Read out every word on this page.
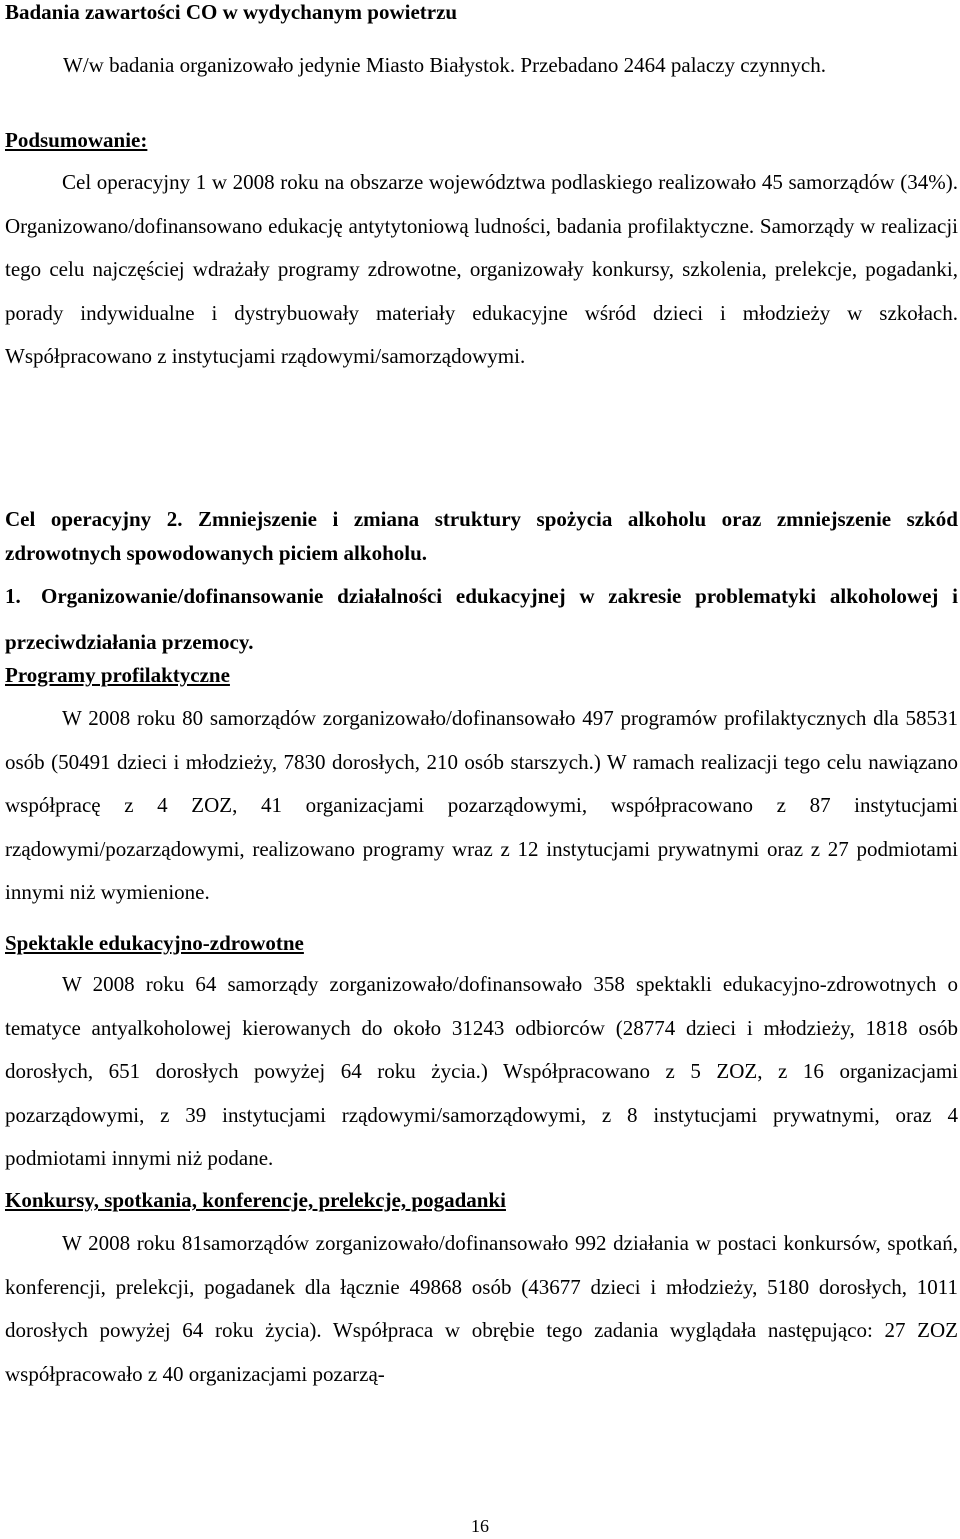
Badania zawartości CO w wydychanym powietrzu

W/w badania organizowało jedynie Miasto Białystok. Przebadano 2464 palaczy czynnych.

Podsumowanie:

Cel operacyjny 1 w 2008 roku na obszarze województwa podlaskiego realizowało 45 samorządów (34%). Organizowano/dofinansowano edukację antytytoniową ludności, badania profilaktyczne. Samorządy w realizacji tego celu najczęściej wdrażały programy zdrowotne, organizowały konkursy, szkolenia, prelekcje, pogadanki, porady indywidualne i dystrybuowały materiały edukacyjne wśród dzieci i młodzieży w szkołach. Współpracowano z instytucjami rządowymi/samorządowymi.

Cel operacyjny 2. Zmniejszenie i zmiana struktury spożycia alkoholu oraz zmniejszenie szkód zdrowotnych spowodowanych piciem alkoholu.

1. Organizowanie/dofinansowanie działalności edukacyjnej w zakresie problematyki alkoholowej i przeciwdziałania przemocy.
Programy profilaktyczne

W 2008 roku 80 samorządów zorganizowało/dofinansowało 497 programów profilaktycznych dla 58531 osób (50491 dzieci i młodzieży, 7830 dorosłych, 210 osób starszych.) W ramach realizacji tego celu nawiązano współpracę z 4 ZOZ, 41 organizacjami pozarządowymi, współpracowano z 87 instytucjami rządowymi/pozarządowymi, realizowano programy wraz z 12 instytucjami prywatnymi oraz z 27 podmiotami innymi niż wymienione.

Spektakle edukacyjno-zdrowotne

W 2008 roku 64 samorządy zorganizowało/dofinansowało 358 spektakli edukacyjno-zdrowotnych o tematyce antyalkoholowej kierowanych do około 31243 odbiorców (28774 dzieci i młodzieży, 1818 osób dorosłych, 651 dorosłych powyżej 64 roku życia.) Współpracowano z 5 ZOZ, z 16 organizacjami pozarządowymi, z 39 instytucjami rządowymi/samorządowymi, z 8 instytucjami prywatnymi, oraz 4 podmiotami innymi niż podane.

Konkursy, spotkania, konferencje, prelekcje, pogadanki

W 2008 roku 81samorządów zorganizowało/dofinansowało 992 działania w postaci konkursów, spotkań, konferencji, prelekcji, pogadanek dla łącznie 49868 osób (43677 dzieci i młodzieży, 5180 dorosłych, 1011 dorosłych powyżej 64 roku życia). Współpraca w obrębie tego zadania wyglądała następująco: 27 ZOZ współpracowało z 40 organizacjami pozarzą-

16
